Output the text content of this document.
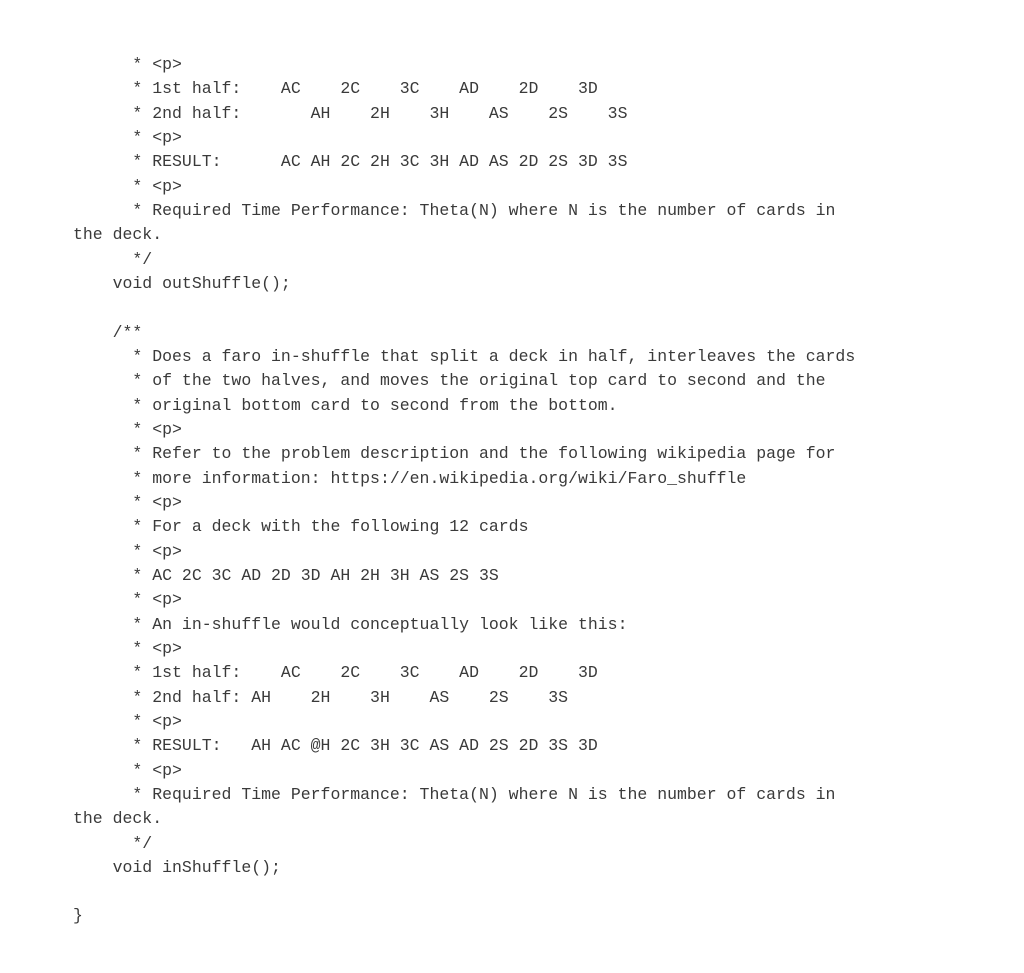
* <p>
* 1st half:    AC    2C    3C    AD    2D    3D
* 2nd half:       AH    2H    3H    AS    2S    3S
* <p>
* RESULT:      AC AH 2C 2H 3C 3H AD AS 2D 2S 3D 3S
* <p>
* Required Time Performance: Theta(N) where N is the number of cards in
the deck.
*/
void outShuffle();
/**
* Does a faro in-shuffle that split a deck in half, interleaves the cards
* of the two halves, and moves the original top card to second and the
* original bottom card to second from the bottom.
* <p>
* Refer to the problem description and the following wikipedia page for
* more information: https://en.wikipedia.org/wiki/Faro_shuffle
* <p>
* For a deck with the following 12 cards
* <p>
* AC 2C 3C AD 2D 3D AH 2H 3H AS 2S 3S
* <p>
* An in-shuffle would conceptually look like this:
* <p>
* 1st half:    AC    2C    3C    AD    2D    3D
* 2nd half: AH    2H    3H    AS    2S    3S
* <p>
* RESULT:   AH AC @H 2C 3H 3C AS AD 2S 2D 3S 3D
* <p>
* Required Time Performance: Theta(N) where N is the number of cards in
the deck.
*/
void inShuffle();
}
